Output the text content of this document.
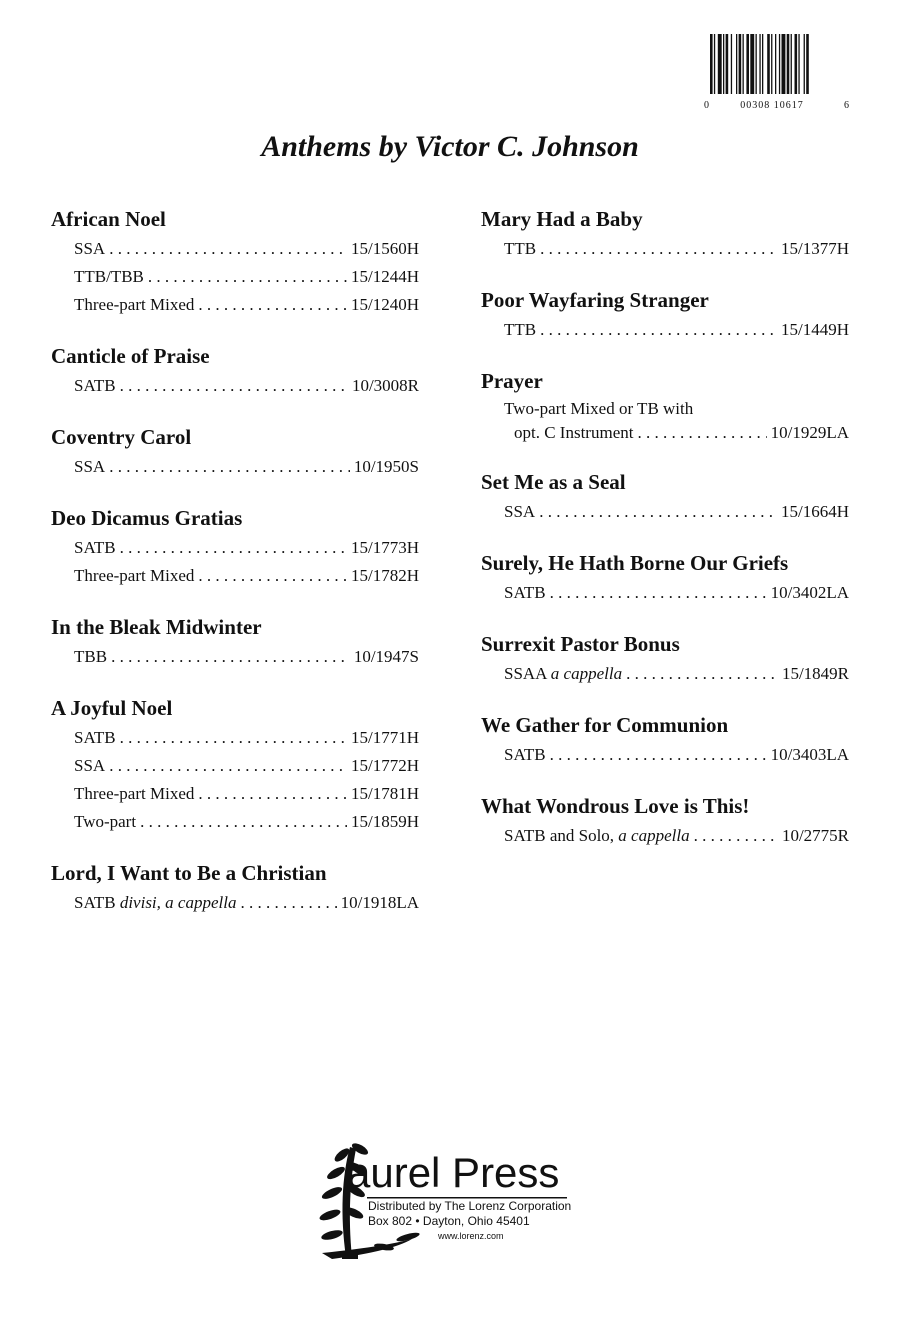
0	00308 10617	6
Anthems by Victor C. Johnson
African Noel
SSA . . .	15/1560H
TTB/TBB . . .	15/1244H
Three-part Mixed . . .	15/1240H
Canticle of Praise
SATB . . .	10/3008R
Coventry Carol
SSA . . .	10/1950S
Deo Dicamus Gratias
SATB . . .	15/1773H
Three-part Mixed . . .	15/1782H
In the Bleak Midwinter
TBB . . .	10/1947S
A Joyful Noel
SATB . . .	15/1771H
SSA . . .	15/1772H
Three-part Mixed . . .	15/1781H
Two-part . . .	15/1859H
Lord, I Want to Be a Christian
SATB divisi, a cappella . . .	10/1918LA
Mary Had a Baby
TTB . . .	15/1377H
Poor Wayfaring Stranger
TTB . . .	15/1449H
Prayer
Two-part Mixed or TB with
opt. C Instrument . . .	10/1929LA
Set Me as a Seal
SSA . . .	15/1664H
Surely, He Hath Borne Our Griefs
SATB . . .	10/3402LA
Surrexit Pastor Bonus
SSAA a cappella . . .	15/1849R
We Gather for Communion
SATB . . .	10/3403LA
What Wondrous Love is This!
SATB and Solo, a cappella . . .	10/2775R
aurel Press
Distributed by The Lorenz Corporation
Box 802 • Dayton, Ohio 45401
www.lorenz.com
